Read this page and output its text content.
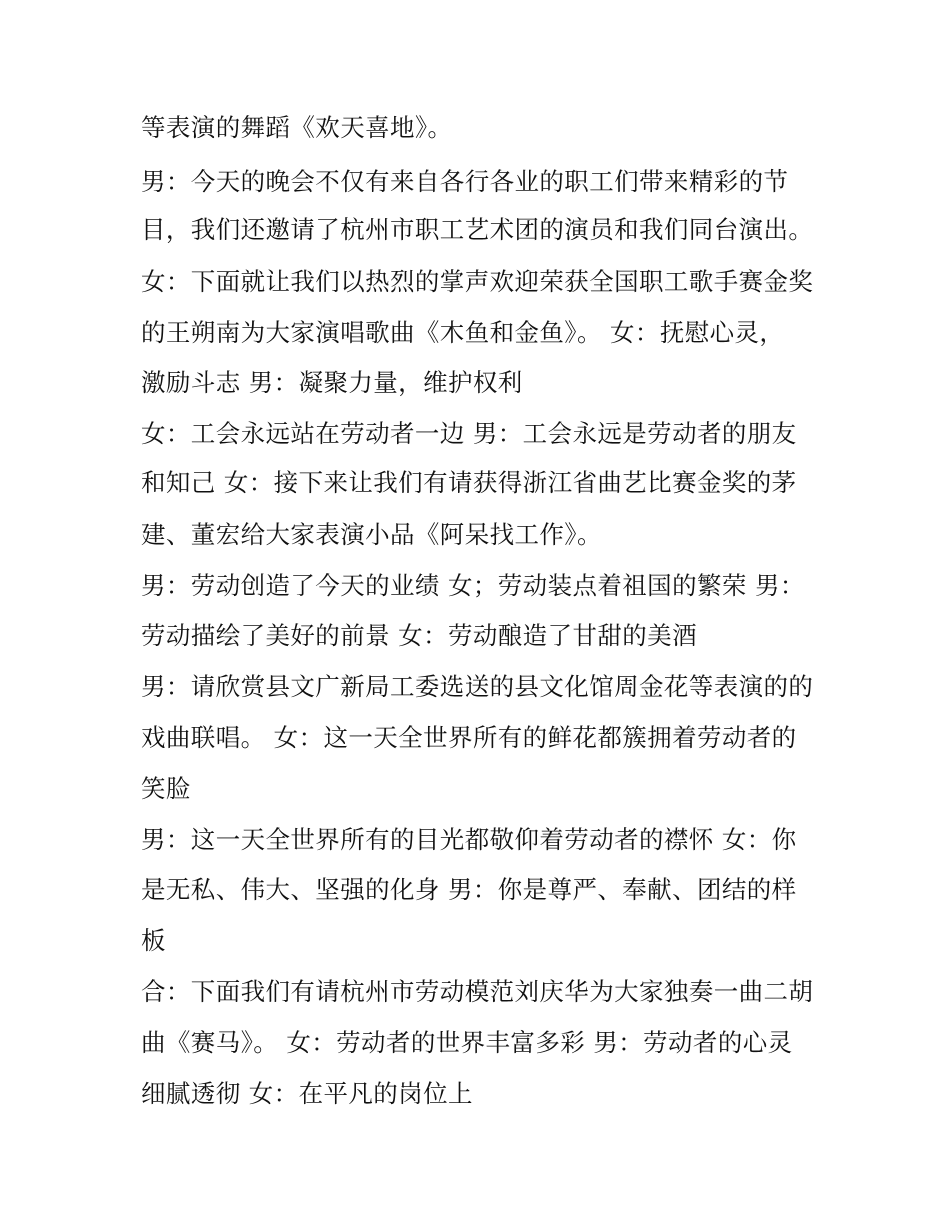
等表演的舞蹈《欢天喜地》。
男：今天的晚会不仅有来自各行各业的职工们带来精彩的节
目，我们还邀请了杭州市职工艺术团的演员和我们同台演出。
女：下面就让我们以热烈的掌声欢迎荣获全国职工歌手赛金奖
的王朔南为大家演唱歌曲《木鱼和金鱼》。 女：抚慰心灵，
激励斗志 男：凝聚力量，维护权利
女：工会永远站在劳动者一边 男：工会永远是劳动者的朋友
和知己 女：接下来让我们有请获得浙江省曲艺比赛金奖的茅
建、董宏给大家表演小品《阿呆找工作》。
男：劳动创造了今天的业绩 女；劳动装点着祖国的繁荣 男：
劳动描绘了美好的前景 女：劳动酿造了甘甜的美酒
男：请欣赏县文广新局工委选送的县文化馆周金花等表演的的
戏曲联唱。 女：这一天全世界所有的鲜花都簇拥着劳动者的
笑脸
男：这一天全世界所有的目光都敬仰着劳动者的襟怀 女：你
是无私、伟大、坚强的化身 男：你是尊严、奉献、团结的样
板
合：下面我们有请杭州市劳动模范刘庆华为大家独奏一曲二胡
曲《赛马》。 女：劳动者的世界丰富多彩 男：劳动者的心灵
细腻透彻 女：在平凡的岗位上
